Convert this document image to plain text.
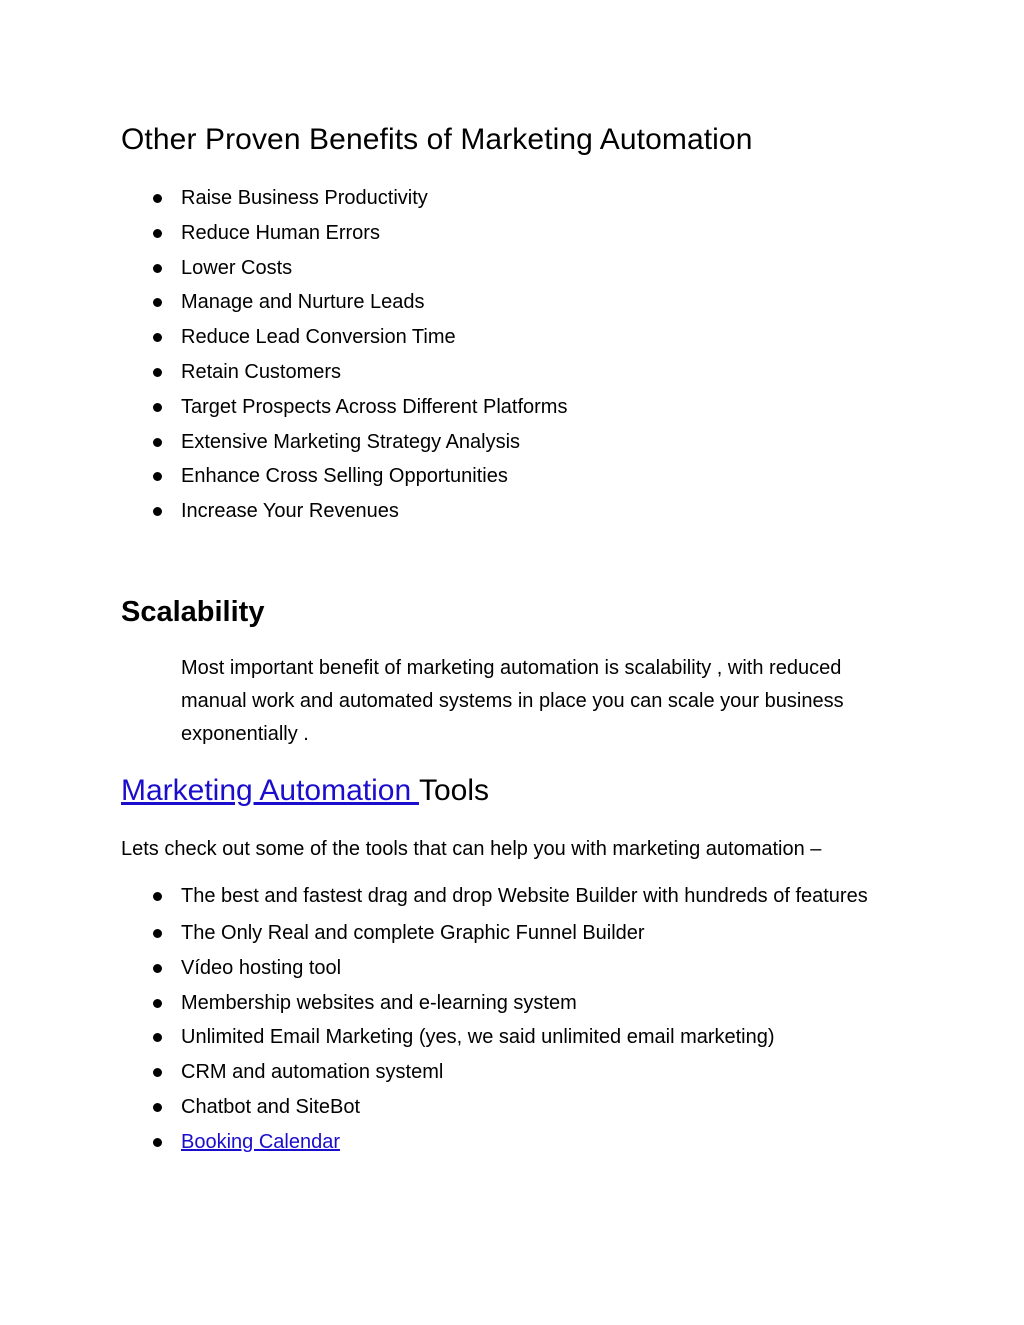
Other Proven Benefits of Marketing Automation
Raise Business Productivity
Reduce Human Errors
Lower Costs
Manage and Nurture Leads
Reduce Lead Conversion Time
Retain Customers
Target Prospects Across Different Platforms
Extensive Marketing Strategy Analysis
Enhance Cross Selling Opportunities
Increase Your Revenues
Scalability

Most important benefit of marketing automation is scalability , with reduced manual work and automated systems in place you can scale your business exponentially .

Marketing Automation Tools

Lets check out some of the tools that can help you with marketing automation –

The best and fastest drag and drop Website Builder with hundreds of features
The Only Real and complete Graphic Funnel Builder
Vídeo hosting tool
Membership websites and e-learning system
Unlimited Email Marketing (yes, we said unlimited email marketing)
CRM and automation systeml
Chatbot and SiteBot
Booking Calendar
